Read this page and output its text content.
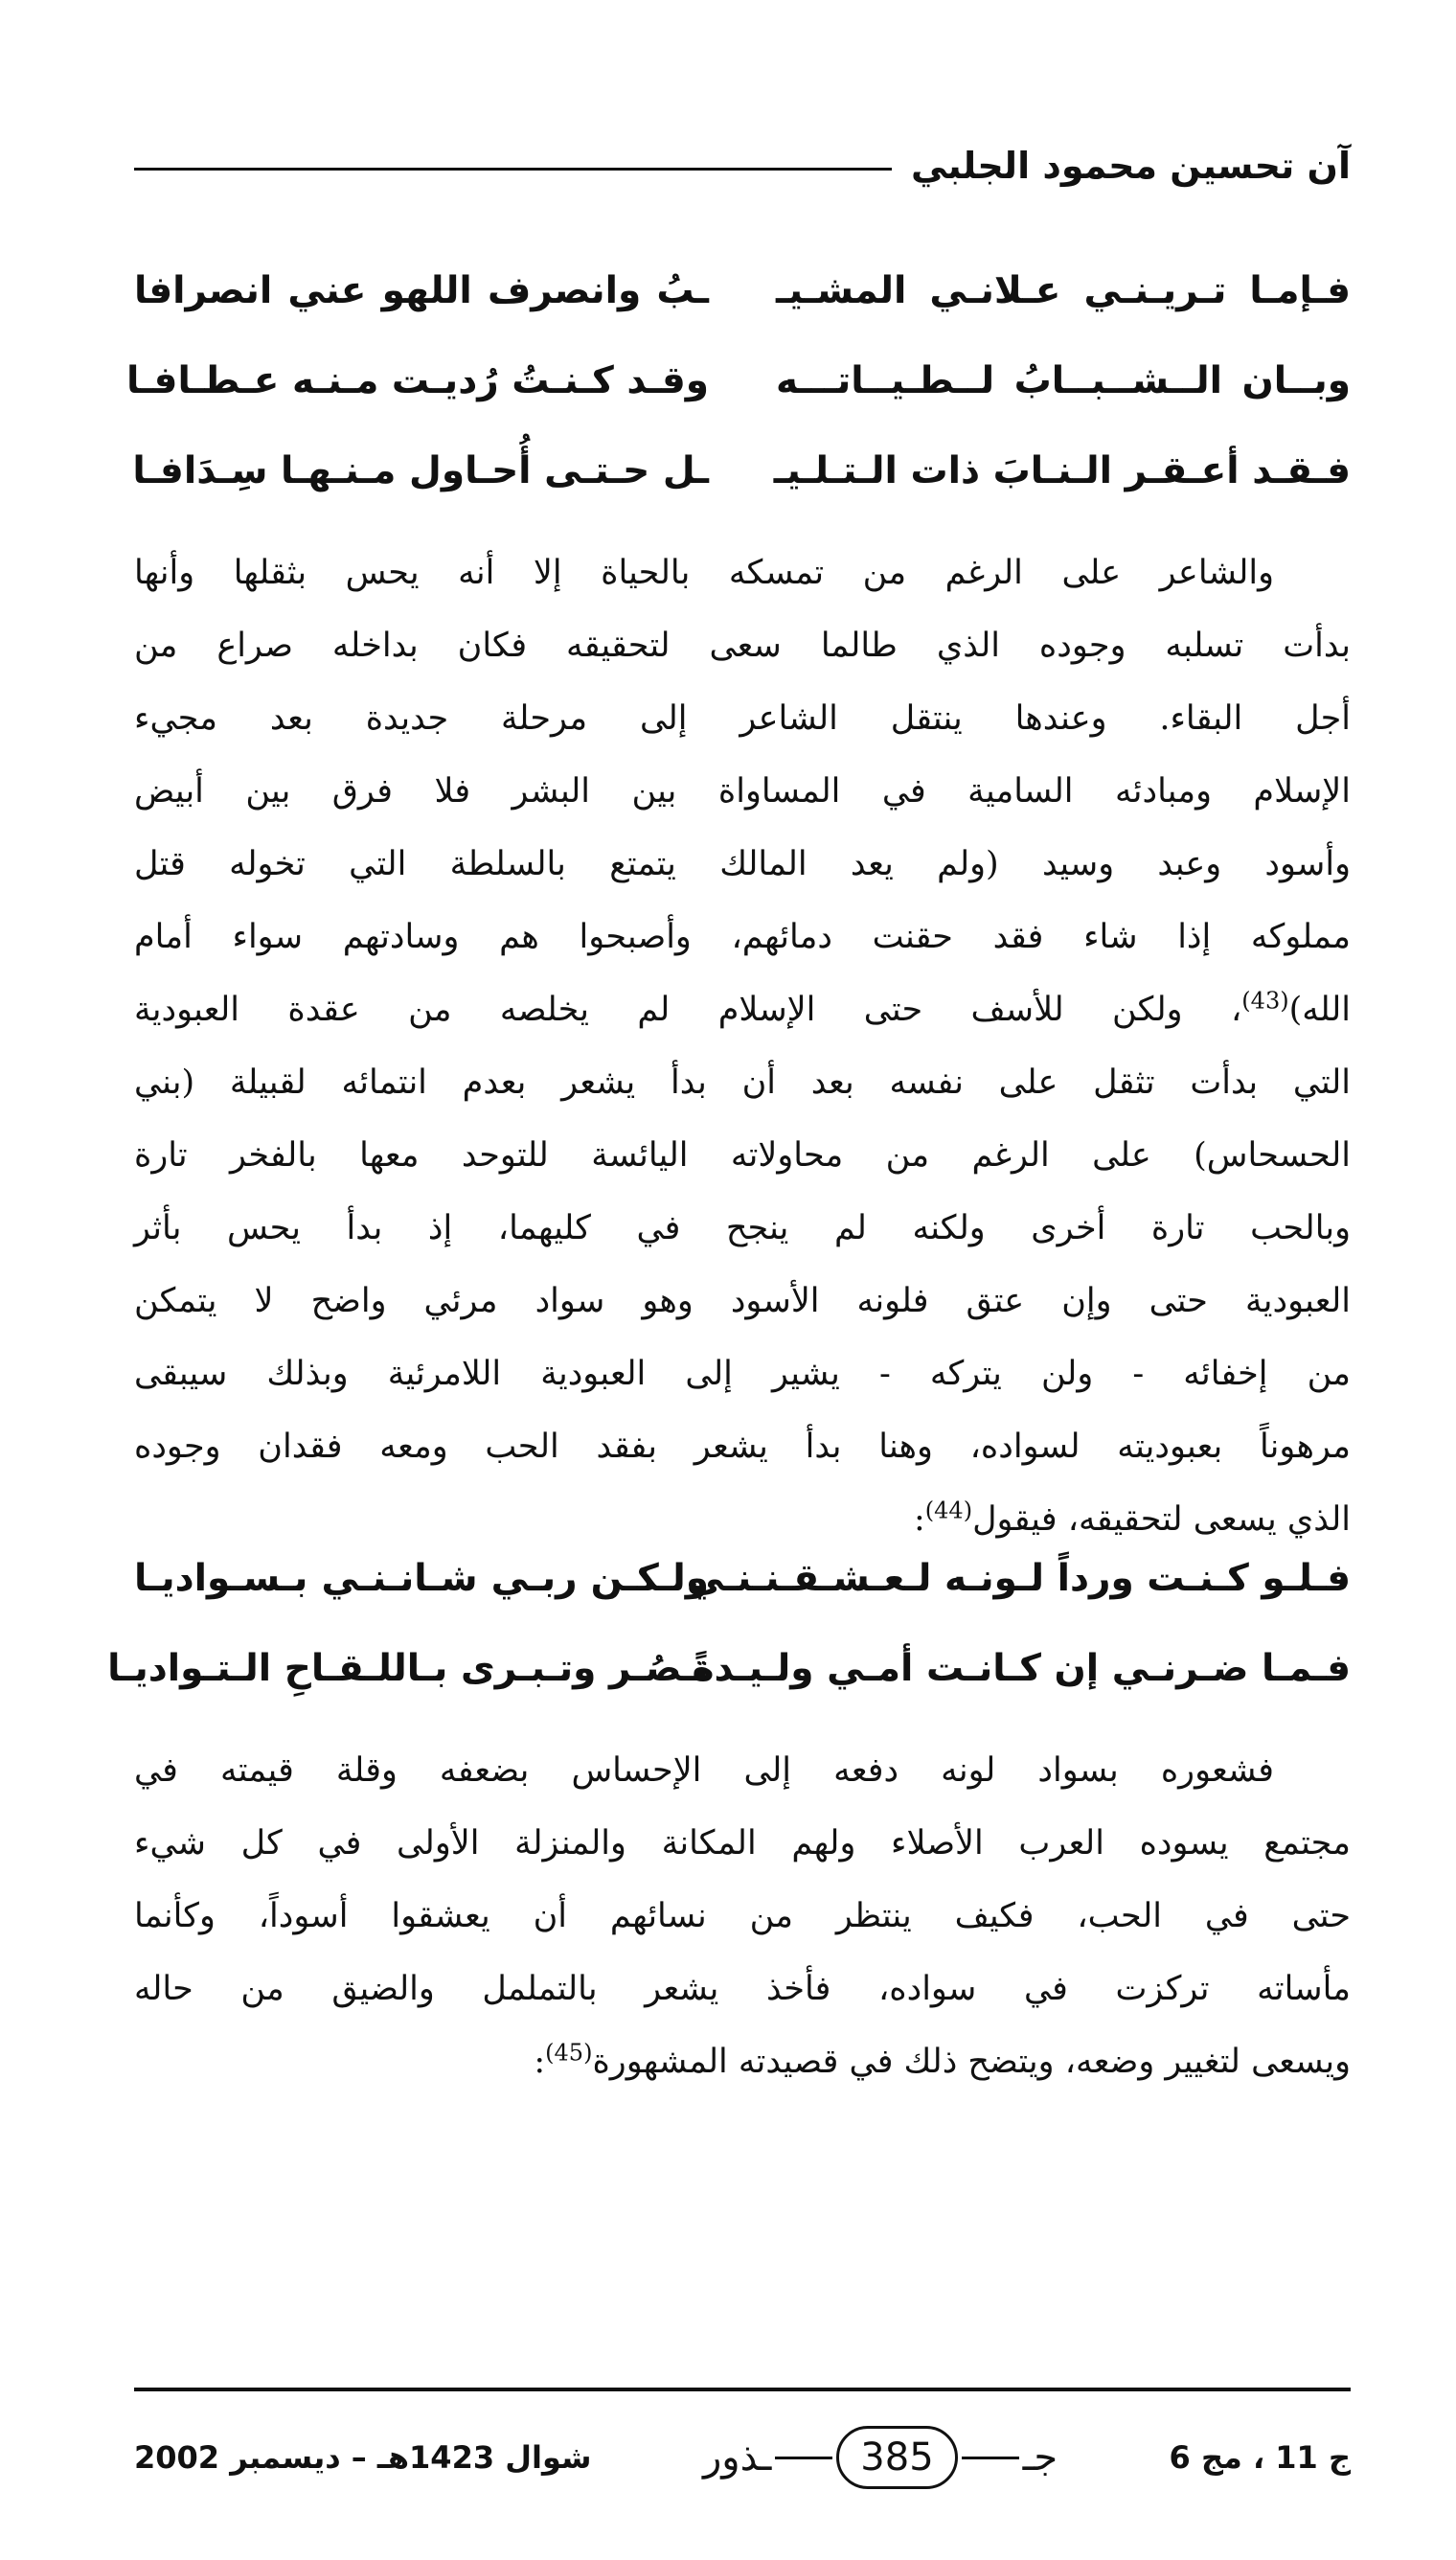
آن تحسين محمود الجلبي
فـإمـا تـريـنـي عـلانـي المشـيـ
ـبُ وانصرف اللهو عني انصرافا
وبــان الــشــبــابُ لــطـيــاتـــه
وقـد كـنـتُ رُديـت مـنـه عـطـافـا
فـقـد أعـقـر الـنـابَ ذات الـتـلـيـ
ـل حـتـى أُحـاول مـنـهـا سِـدَافـا
والشاعر على الرغم من تمسكه بالحياة إلا أنه يحس بثقلها وأنها
بدأت تسلبه وجوده الذي طالما سعى لتحقيقه فكان بداخله صراع من
أجل البقاء. وعندها ينتقل الشاعر إلى مرحلة جديدة بعد مجيء
الإسلام ومبادئه السامية في المساواة بين البشر فلا فرق بين أبيض
وأسود وعبد وسيد (ولم يعد المالك يتمتع بالسلطة التي تخوله قتل
مملوكه إذا شاء فقد حقنت دمائهم، وأصبحوا هم وسادتهم سواء أمام
الله)$^{(43)}$، ولكن للأسف حتى الإسلام لم يخلصه من عقدة العبودية
التي بدأت تثقل على نفسه بعد أن بدأ يشعر بعدم انتمائه لقبيلة (بني
الحسحاس) على الرغم من محاولاته اليائسة للتوحد معها بالفخر تارة
وبالحب تارة أخرى ولكنه لم ينجح في كليهما، إذ بدأ يحس بأثر
العبودية حتى وإن عتق فلونه الأسود وهو سواد مرئي واضح لا يتمكن
من إخفائه - ولن يتركه - يشير إلى العبودية اللامرئية وبذلك سيبقى
مرهوناً بعبوديته لسواده، وهنا بدأ يشعر بفقد الحب ومعه فقدان وجوده
الذي يسعى لتحقيقه، فيقول$^{(44)}$:
فـلـو كـنـت ورداً لـونـه لـعـشـقـنـنـي
ولـكـن ربـي شـانـنـي بـسـواديـا
فـمـا ضـرنـي إن كـانـت أمـي ولـيـدةً
تـصُـر وتـبـرى بـاللـقـاحِ الـتـواديـا
فشعوره بسواد لونه دفعه إلى الإحساس بضعفه وقلة قيمته في
مجتمع يسوده العرب الأصلاء ولهم المكانة والمنزلة الأولى في كل شيء
حتى في الحب، فكيف ينتظر من نسائهم أن يعشقوا أسوداً، وكأنما
مأساته تركزت في سواده، فأخذ يشعر بالتململ والضيق من حاله
ويسعى لتغيير وضعه، ويتضح ذلك في قصيدته المشهورة$^{(45)}$:
ج 11 ، مج 6
جـ
385
ـذور
شوال 1423هـ – ديسمبر 2002
